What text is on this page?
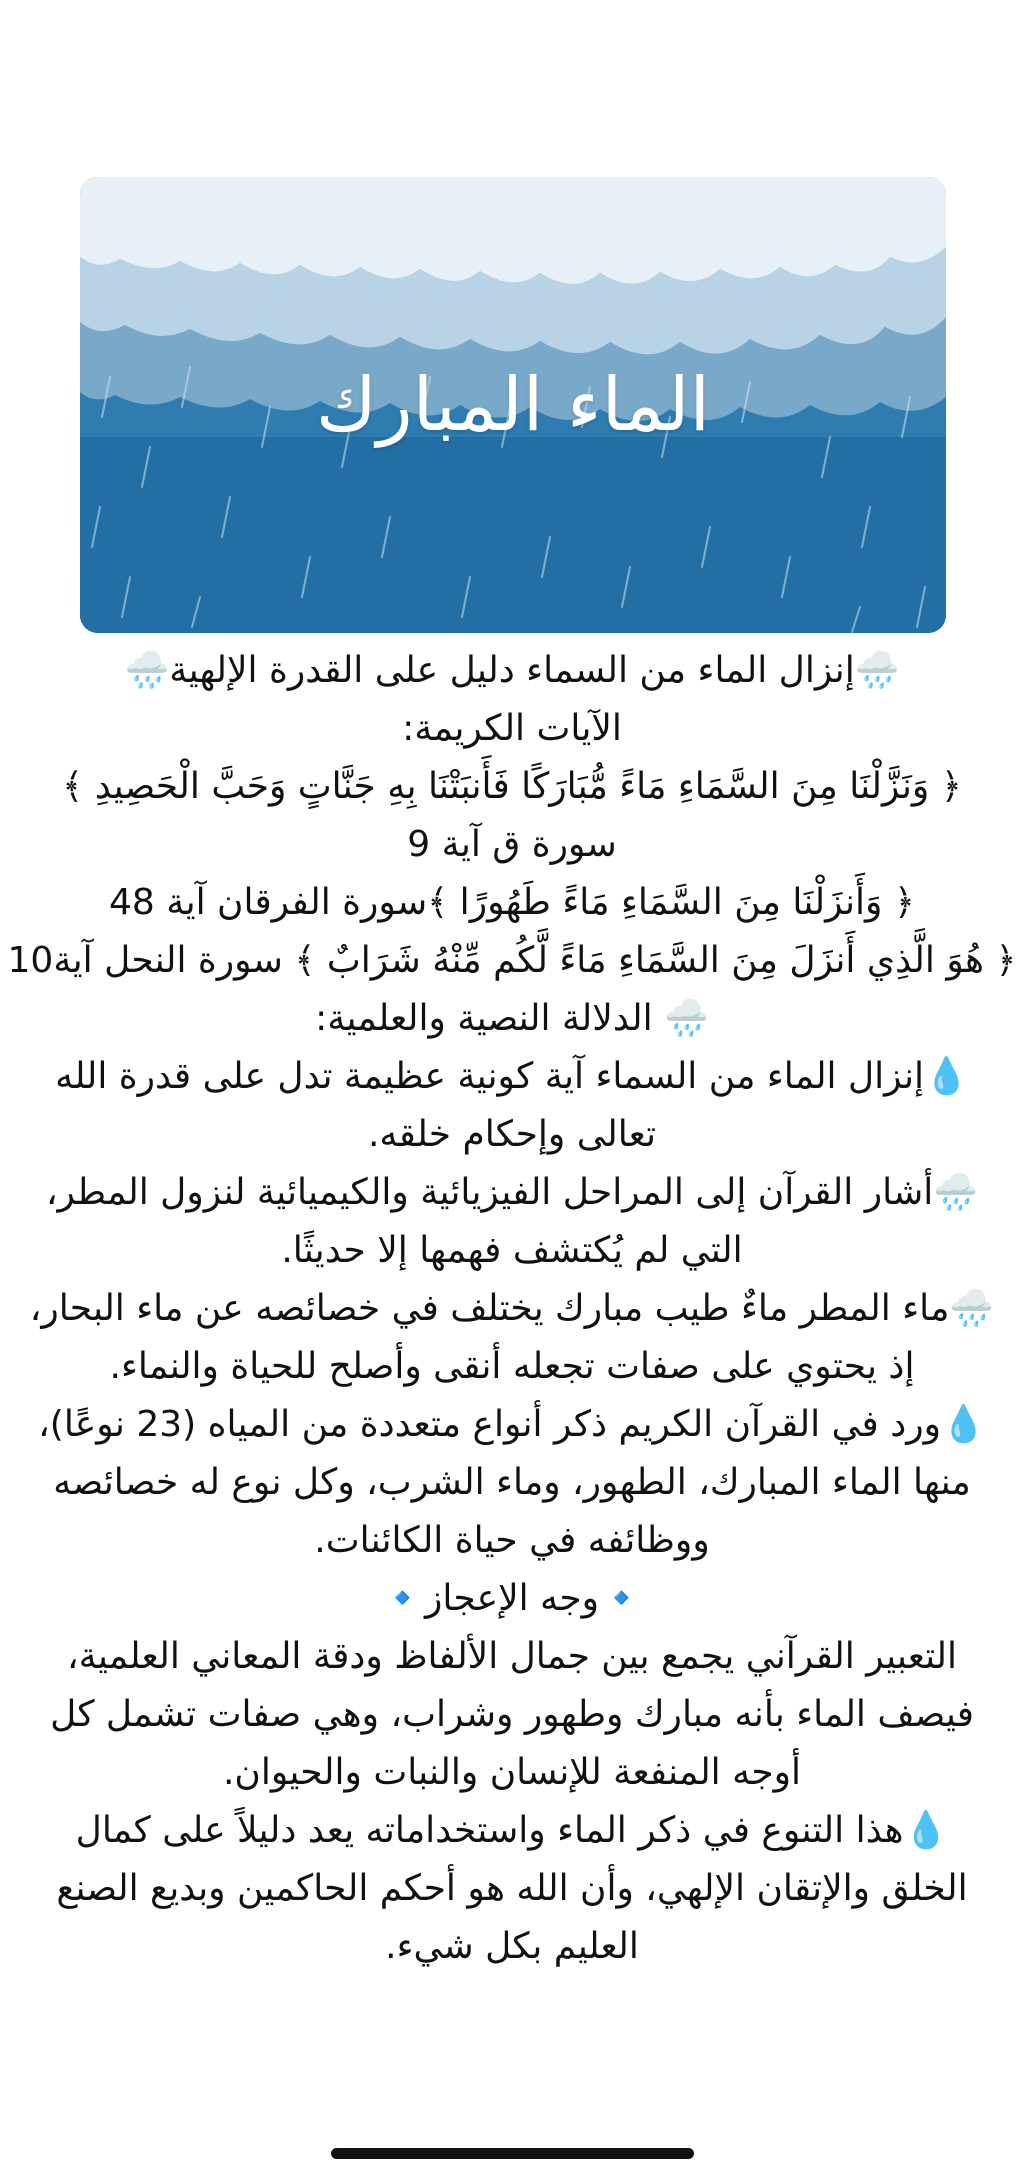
الماء المبارك

🌧️إنزال الماء من السماء دليل على القدرة الإلهية🌧️

الآيات الكريمة:

﴿ وَنَزَّلْنَا مِنَ السَّمَاءِ مَاءً مُّبَارَكًا فَأَنبَتْنَا بِهِ جَنَّاتٍ وَحَبَّ الْحَصِيدِ ﴾

سورة ق آية 9

﴿ وَأَنزَلْنَا مِنَ السَّمَاءِ مَاءً طَهُورًا ﴾سورة الفرقان آية 48

﴿ هُوَ الَّذِي أَنزَلَ مِنَ السَّمَاءِ مَاءً لَّكُم مِّنْهُ شَرَابٌ ﴾ سورة النحل آية10

🌧️ الدلالة النصية والعلمية:

💧إنزال الماء من السماء آية كونية عظيمة تدل على قدرة الله

تعالى وإحكام خلقه.

🌧️أشار القرآن إلى المراحل الفيزيائية والكيميائية لنزول المطر،

التي لم يُكتشف فهمها إلا حديثًا.

🌧️ماء المطر ماءٌ طيب مبارك يختلف في خصائصه عن ماء البحار،

إذ يحتوي على صفات تجعله أنقى وأصلح للحياة والنماء.

💧ورد في القرآن الكريم ذكر أنواع متعددة من المياه (23 نوعًا)،

منها الماء المبارك، الطهور، وماء الشرب، وكل نوع له خصائصه

ووظائفه في حياة الكائنات.

🔹وجه الإعجاز🔹

التعبير القرآني يجمع بين جمال الألفاظ ودقة المعاني العلمية،

فيصف الماء بأنه مبارك وطهور وشراب، وهي صفات تشمل كل

أوجه المنفعة للإنسان والنبات والحيوان.

💧هذا التنوع في ذكر الماء واستخداماته يعد دليلاً على كمال

الخلق والإتقان الإلهي، وأن الله هو أحكم الحاكمين وبديع الصنع

العليم بكل شيء.
